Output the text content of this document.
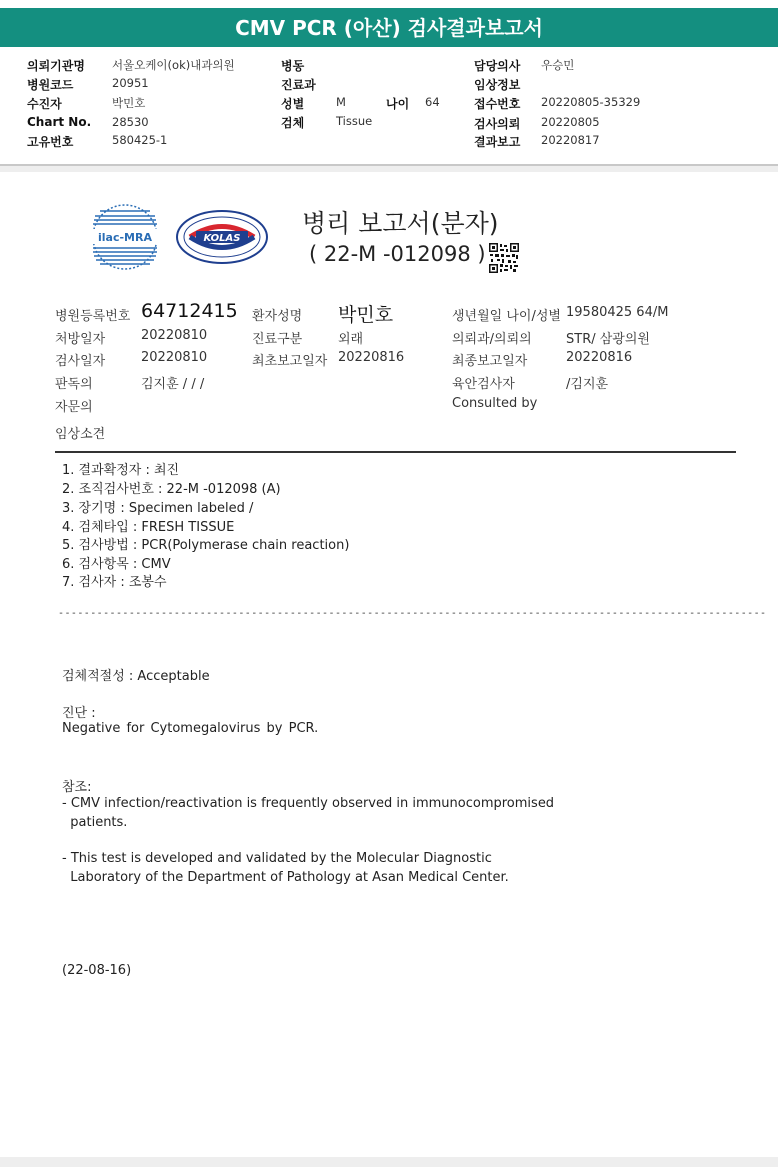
CMV PCR (아산) 검사결과보고서
의뢰기관명 서울오케이(ok)내과의원
병원코드	20951
수진자	박민호
Chart No. 28530
고유번호	580425-1
병동
진료과
성별	M	나이 64
검체	Tissue
담당의사 우승민
임상정보
접수번호 20220805-35329
검사의뢰 20220805
결과보고 20220817
ilac-MRA	KOLAS
병리 보고서(분자)
( 22-M -012098 )
병원등록번호 64712415 환자성명 박민호	생년월일 나이/성별 19580425 64/M
처방일자	20220810	진료구분	외래	의뢰과/의뢰의	STR/ 삼광의원
검사일자	20220810	최초보고일자 20220816	최종보고일자	20220816
판독의	김지훈 / / /	육안검사자	/김지훈
자문의	Consulted by
임상소견
1. 결과확정자 : 최진
2. 조직검사번호 : 22-M -012098 (A)
3. 장기명 : Specimen labeled /
4. 검체타입 : FRESH TISSUE
5. 검사방법 : PCR(Polymerase chain reaction)
6. 검사항목 : CMV
7. 검사자 : 조봉수
--------------------------------------------------------------------------------------------------------------
검체적절성 : Acceptable
진단 :
Negative for Cytomegalovirus by PCR.
참조:
- CMV infection/reactivation is frequently observed in immunocompromised
patients.
- This test is developed and validated by the Molecular Diagnostic
Laboratory of the Department of Pathology at Asan Medical Center.
(22-08-16)
